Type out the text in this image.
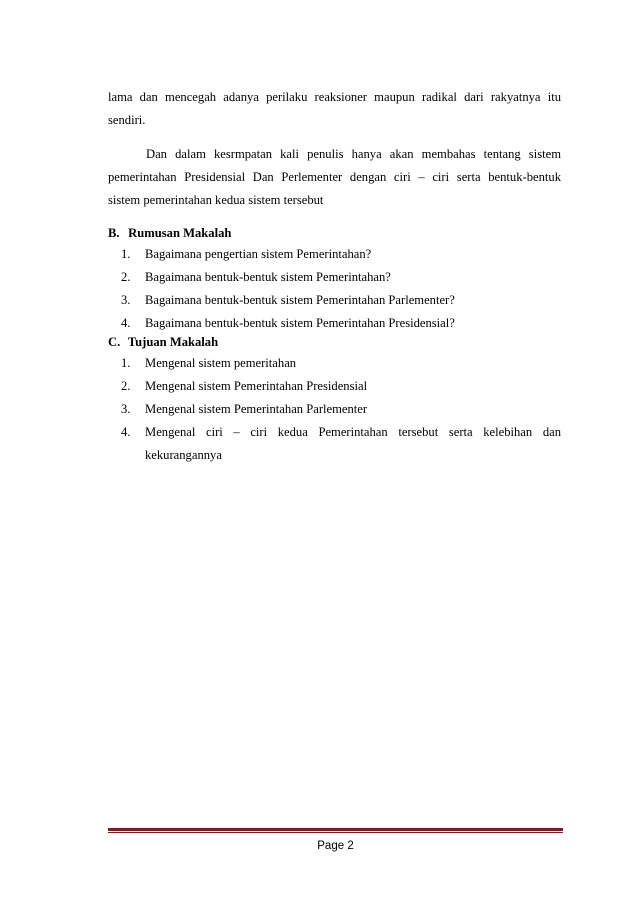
lama dan mencegah adanya perilaku reaksioner maupun radikal dari rakyatnya itu
sendiri.
Dan dalam kesrmpatan kali penulis hanya akan membahas tentang sistem
pemerintahan Presidensial Dan Perlementer dengan ciri – ciri serta bentuk-bentuk
sistem pemerintahan kedua sistem tersebut
B. Rumusan Makalah
1. Bagaimana pengertian sistem Pemerintahan?
2. Bagaimana bentuk-bentuk sistem Pemerintahan?
3. Bagaimana bentuk-bentuk sistem Pemerintahan Parlementer?
4. Bagaimana bentuk-bentuk sistem Pemerintahan Presidensial?
C. Tujuan Makalah
1. Mengenal sistem pemeritahan
2. Mengenal sistem Pemerintahan Presidensial
3. Mengenal sistem Pemerintahan Parlementer
4. Mengenal ciri – ciri kedua Pemerintahan tersebut serta kelebihan dan
kekurangannya
Page 2
